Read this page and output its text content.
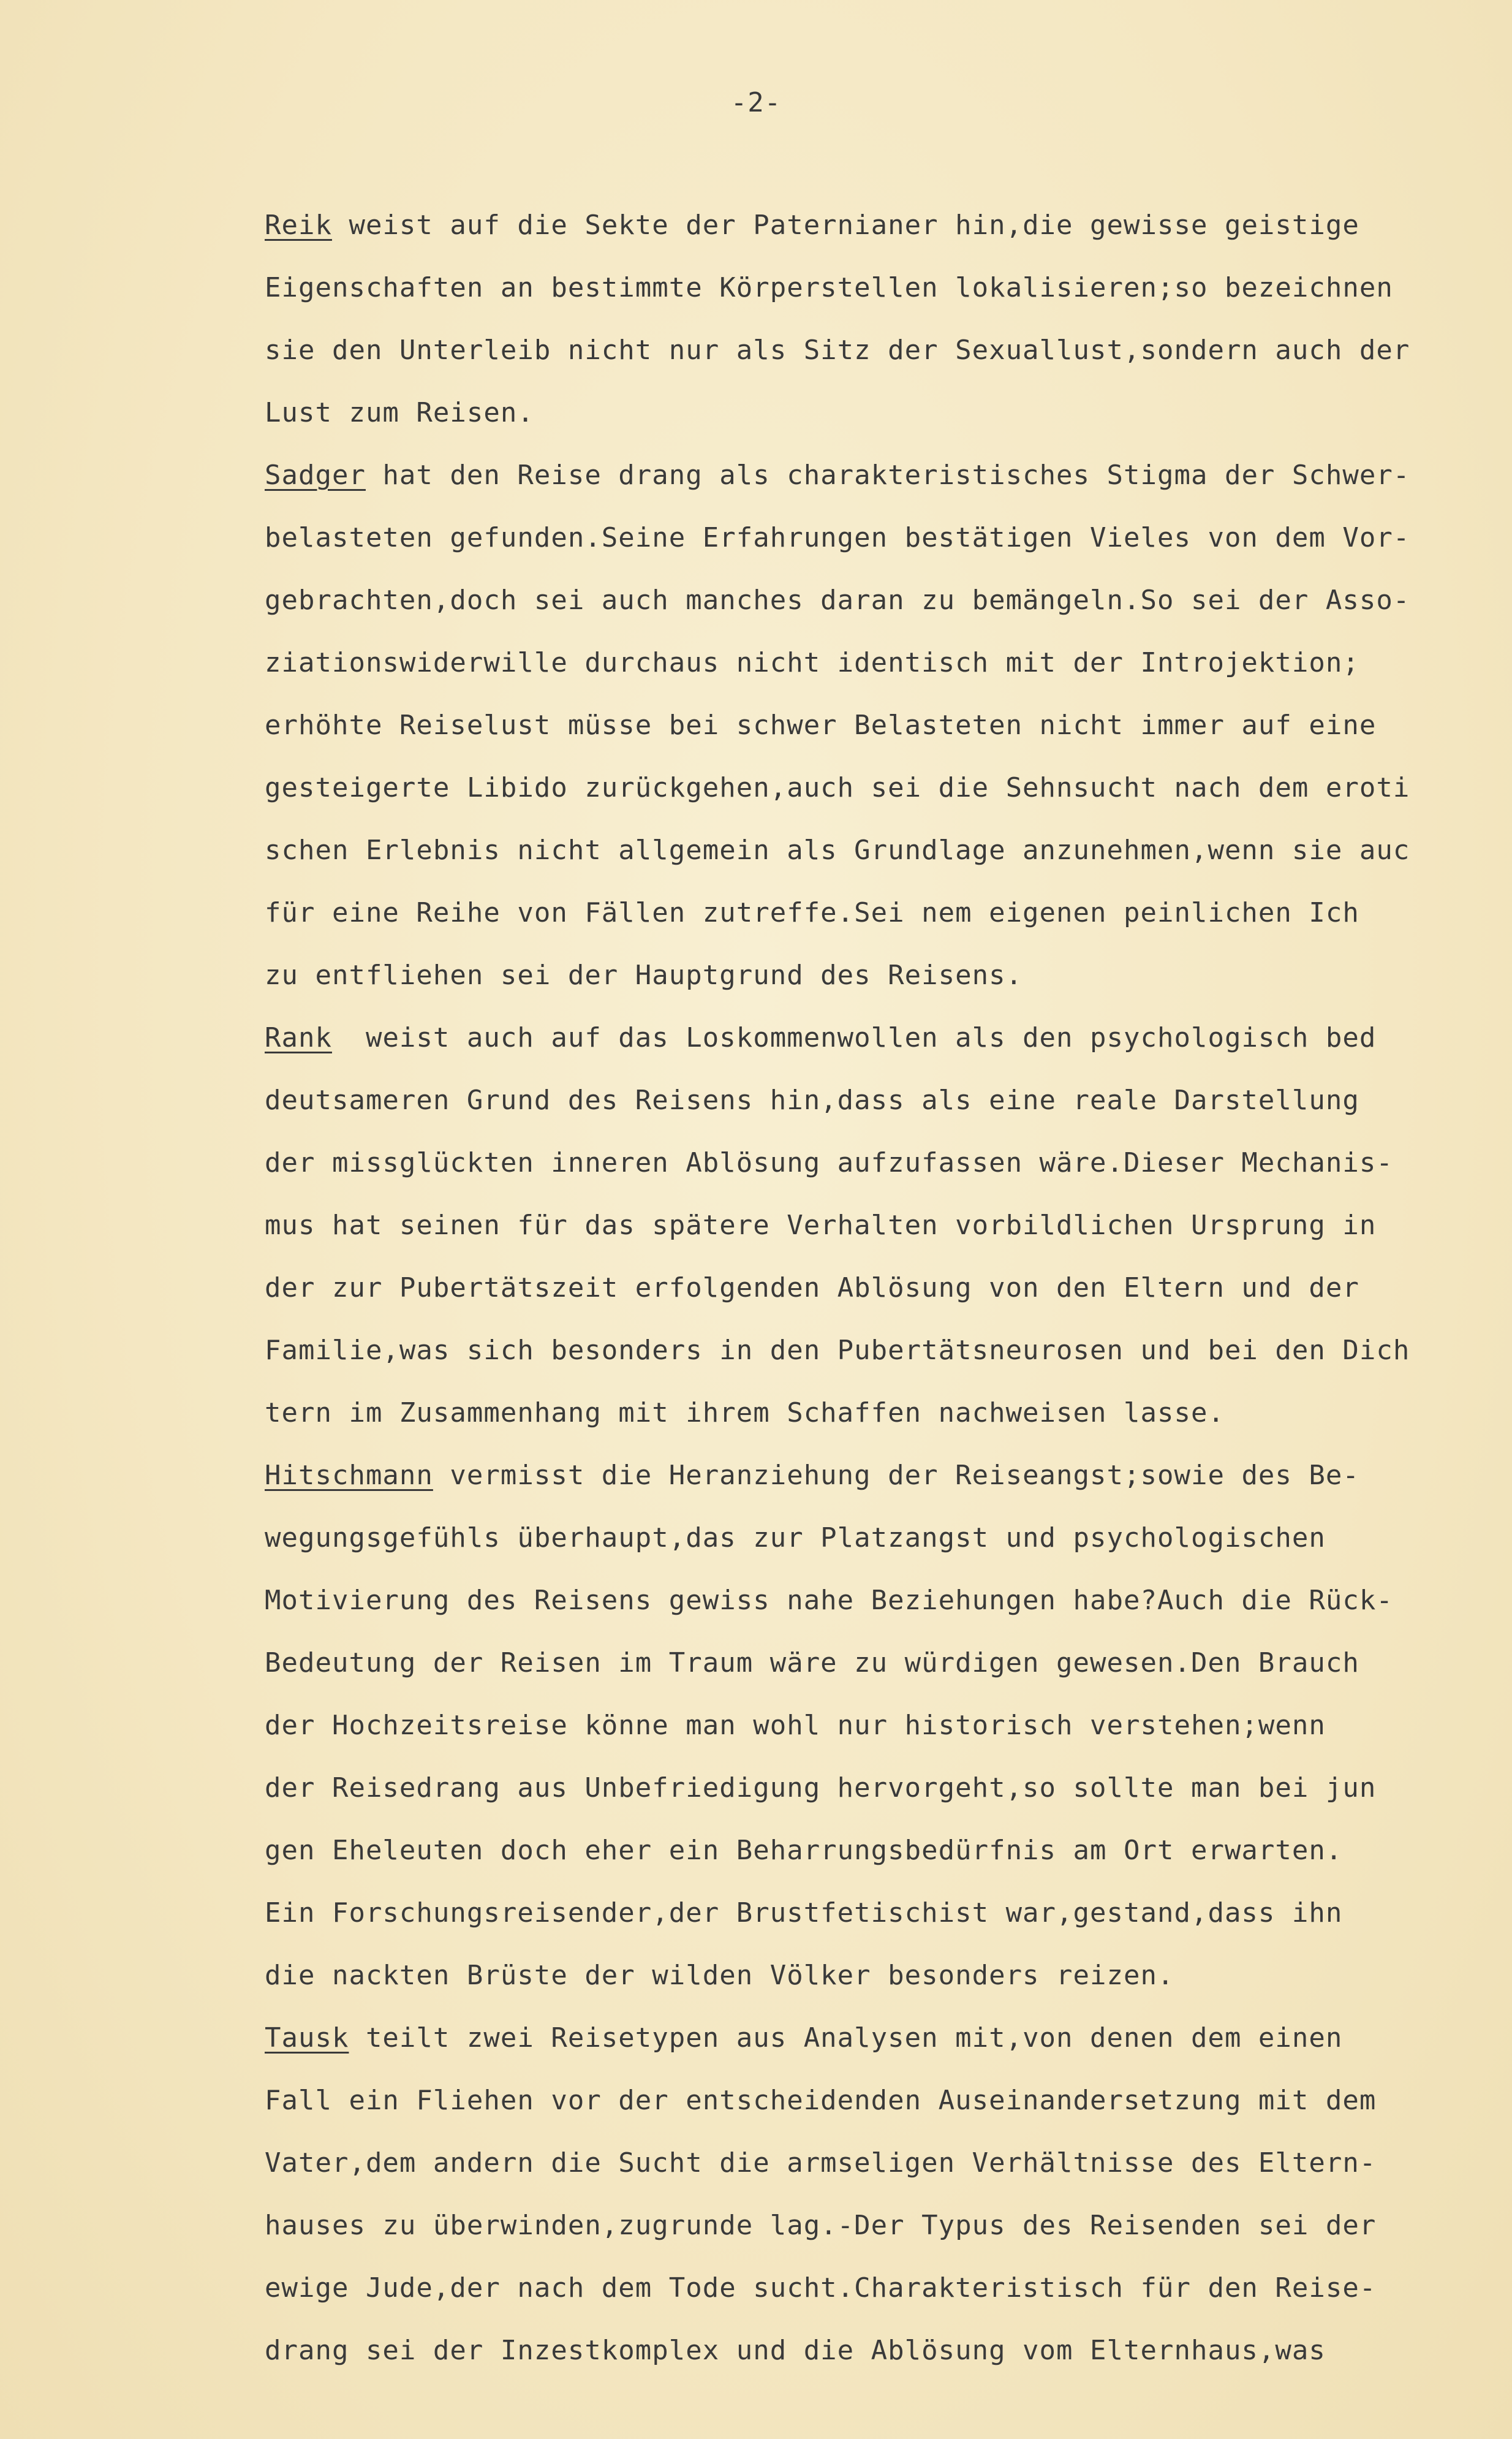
-2-
Reik weist auf die Sekte der Paternianer hin,die gewisse geistige
Eigenschaften an bestimmte Körperstellen lokalisieren;so bezeichnen
sie den Unterleib nicht nur als Sitz der Sexuallust,sondern auch der
Lust zum Reisen.
Sadger hat den Reise drang als charakteristisches Stigma der Schwer-
belasteten gefunden.Seine Erfahrungen bestätigen Vieles von dem Vor-
gebrachten,doch sei auch manches daran zu bemängeln.So sei der Asso-
ziationswiderwille durchaus nicht identisch mit der Introjektion;
erhöhte Reiselust müsse bei schwer Belasteten nicht immer auf eine
gesteigerte Libido zurückgehen,auch sei die Sehnsucht nach dem eroti
schen Erlebnis nicht allgemein als Grundlage anzunehmen,wenn sie auc
für eine Reihe von Fällen zutreffe.Sei nem eigenen peinlichen Ich
zu entfliehen sei der Hauptgrund des Reisens.
Rank  weist auch auf das Loskommenwollen als den psychologisch bed
deutsameren Grund des Reisens hin,dass als eine reale Darstellung
der missglückten inneren Ablösung aufzufassen wäre.Dieser Mechanis-
mus hat seinen für das spätere Verhalten vorbildlichen Ursprung in
der zur Pubertätszeit erfolgenden Ablösung von den Eltern und der
Familie,was sich besonders in den Pubertätsneurosen und bei den Dich
tern im Zusammenhang mit ihrem Schaffen nachweisen lasse.
Hitschmann vermisst die Heranziehung der Reiseangst;sowie des Be-
wegungsgefühls überhaupt,das zur Platzangst und psychologischen
Motivierung des Reisens gewiss nahe Beziehungen habe?Auch die Rück-
Bedeutung der Reisen im Traum wäre zu würdigen gewesen.Den Brauch
der Hochzeitsreise könne man wohl nur historisch verstehen;wenn
der Reisedrang aus Unbefriedigung hervorgeht,so sollte man bei jun
gen Eheleuten doch eher ein Beharrungsbedürfnis am Ort erwarten.
Ein Forschungsreisender,der Brustfetischist war,gestand,dass ihn
die nackten Brüste der wilden Völker besonders reizen.
Tausk teilt zwei Reisetypen aus Analysen mit,von denen dem einen
Fall ein Fliehen vor der entscheidenden Auseinandersetzung mit dem
Vater,dem andern die Sucht die armseligen Verhältnisse des Eltern-
hauses zu überwinden,zugrunde lag.-Der Typus des Reisenden sei der
ewige Jude,der nach dem Tode sucht.Charakteristisch für den Reise-
drang sei der Inzestkomplex und die Ablösung vom Elternhaus,was
